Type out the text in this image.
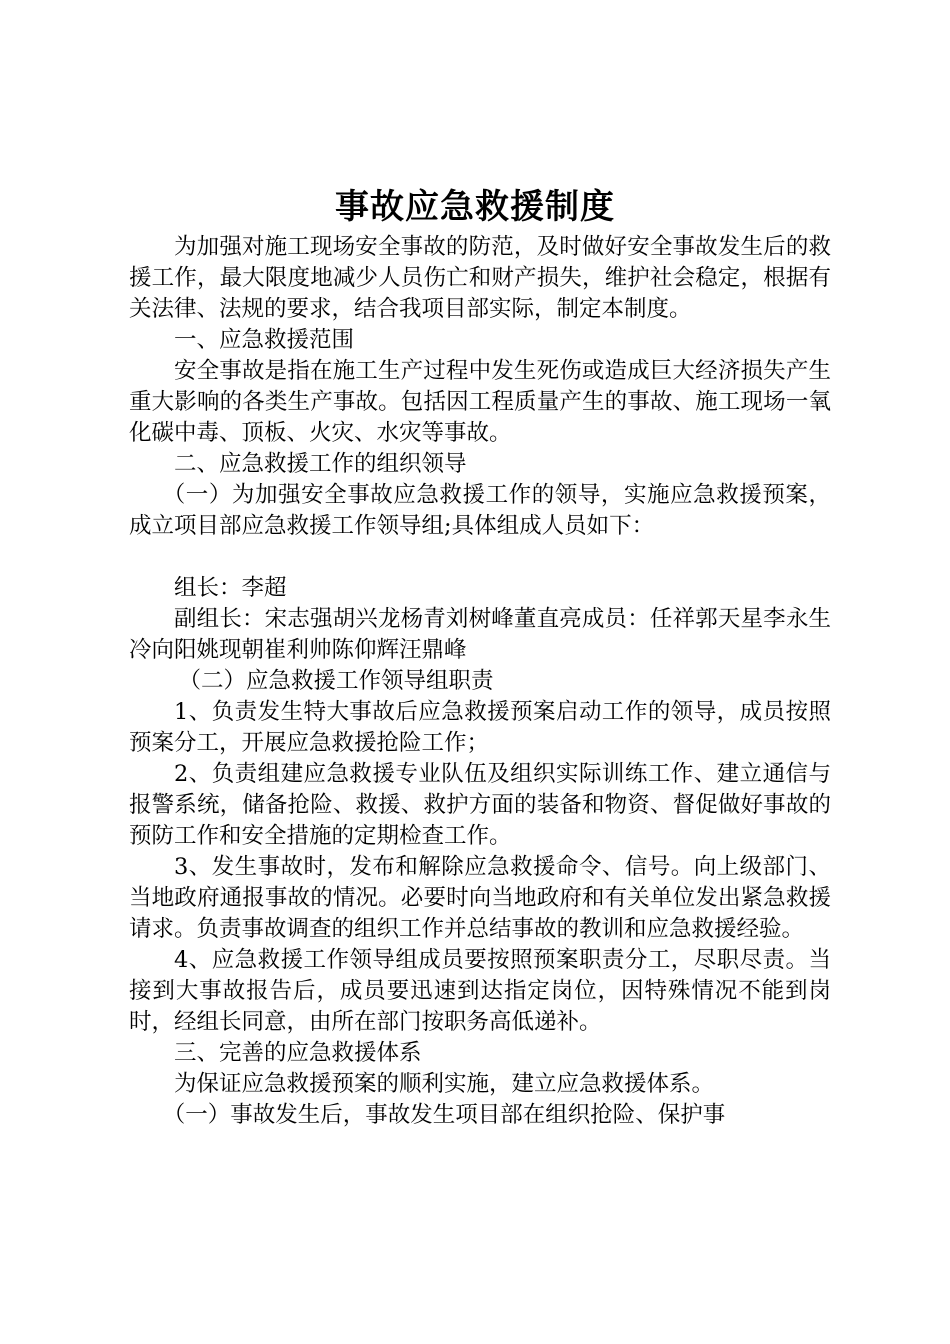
事故应急救援制度

为加强对施工现场安全事故的防范，及时做好安全事故发生后的救援工作，最大限度地减少人员伤亡和财产损失，维护社会稳定，根据有关法律、法规的要求，结合我项目部实际，制定本制度。

一、应急救援范围

安全事故是指在施工生产过程中发生死伤或造成巨大经济损失产生重大影响的各类生产事故。包括因工程质量产生的事故、施工现场一氧化碳中毒、顶板、火灾、水灾等事故。

二、应急救援工作的组织领导

（一）为加强安全事故应急救援工作的领导，实施应急救援预案，成立项目部应急救援工作领导组;具体组成人员如下：

组长：李超

副组长：宋志强胡兴龙杨青刘树峰董直亮成员：任祥郭天星李永生冷向阳姚现朝崔利帅陈仰辉汪鼎峰

（二）应急救援工作领导组职责

1、负责发生特大事故后应急救援预案启动工作的领导，成员按照预案分工，开展应急救援抢险工作；

2、负责组建应急救援专业队伍及组织实际训练工作、建立通信与报警系统，储备抢险、救援、救护方面的装备和物资、督促做好事故的预防工作和安全措施的定期检查工作。

3、发生事故时，发布和解除应急救援命令、信号。向上级部门、当地政府通报事故的情况。必要时向当地政府和有关单位发出紧急救援请求。负责事故调查的组织工作并总结事故的教训和应急救援经验。

4、应急救援工作领导组成员要按照预案职责分工，尽职尽责。当接到大事故报告后，成员要迅速到达指定岗位，因特殊情况不能到岗时，经组长同意，由所在部门按职务高低递补。

三、完善的应急救援体系

为保证应急救援预案的顺利实施，建立应急救援体系。

（一）事故发生后，事故发生项目部在组织抢险、保护事
